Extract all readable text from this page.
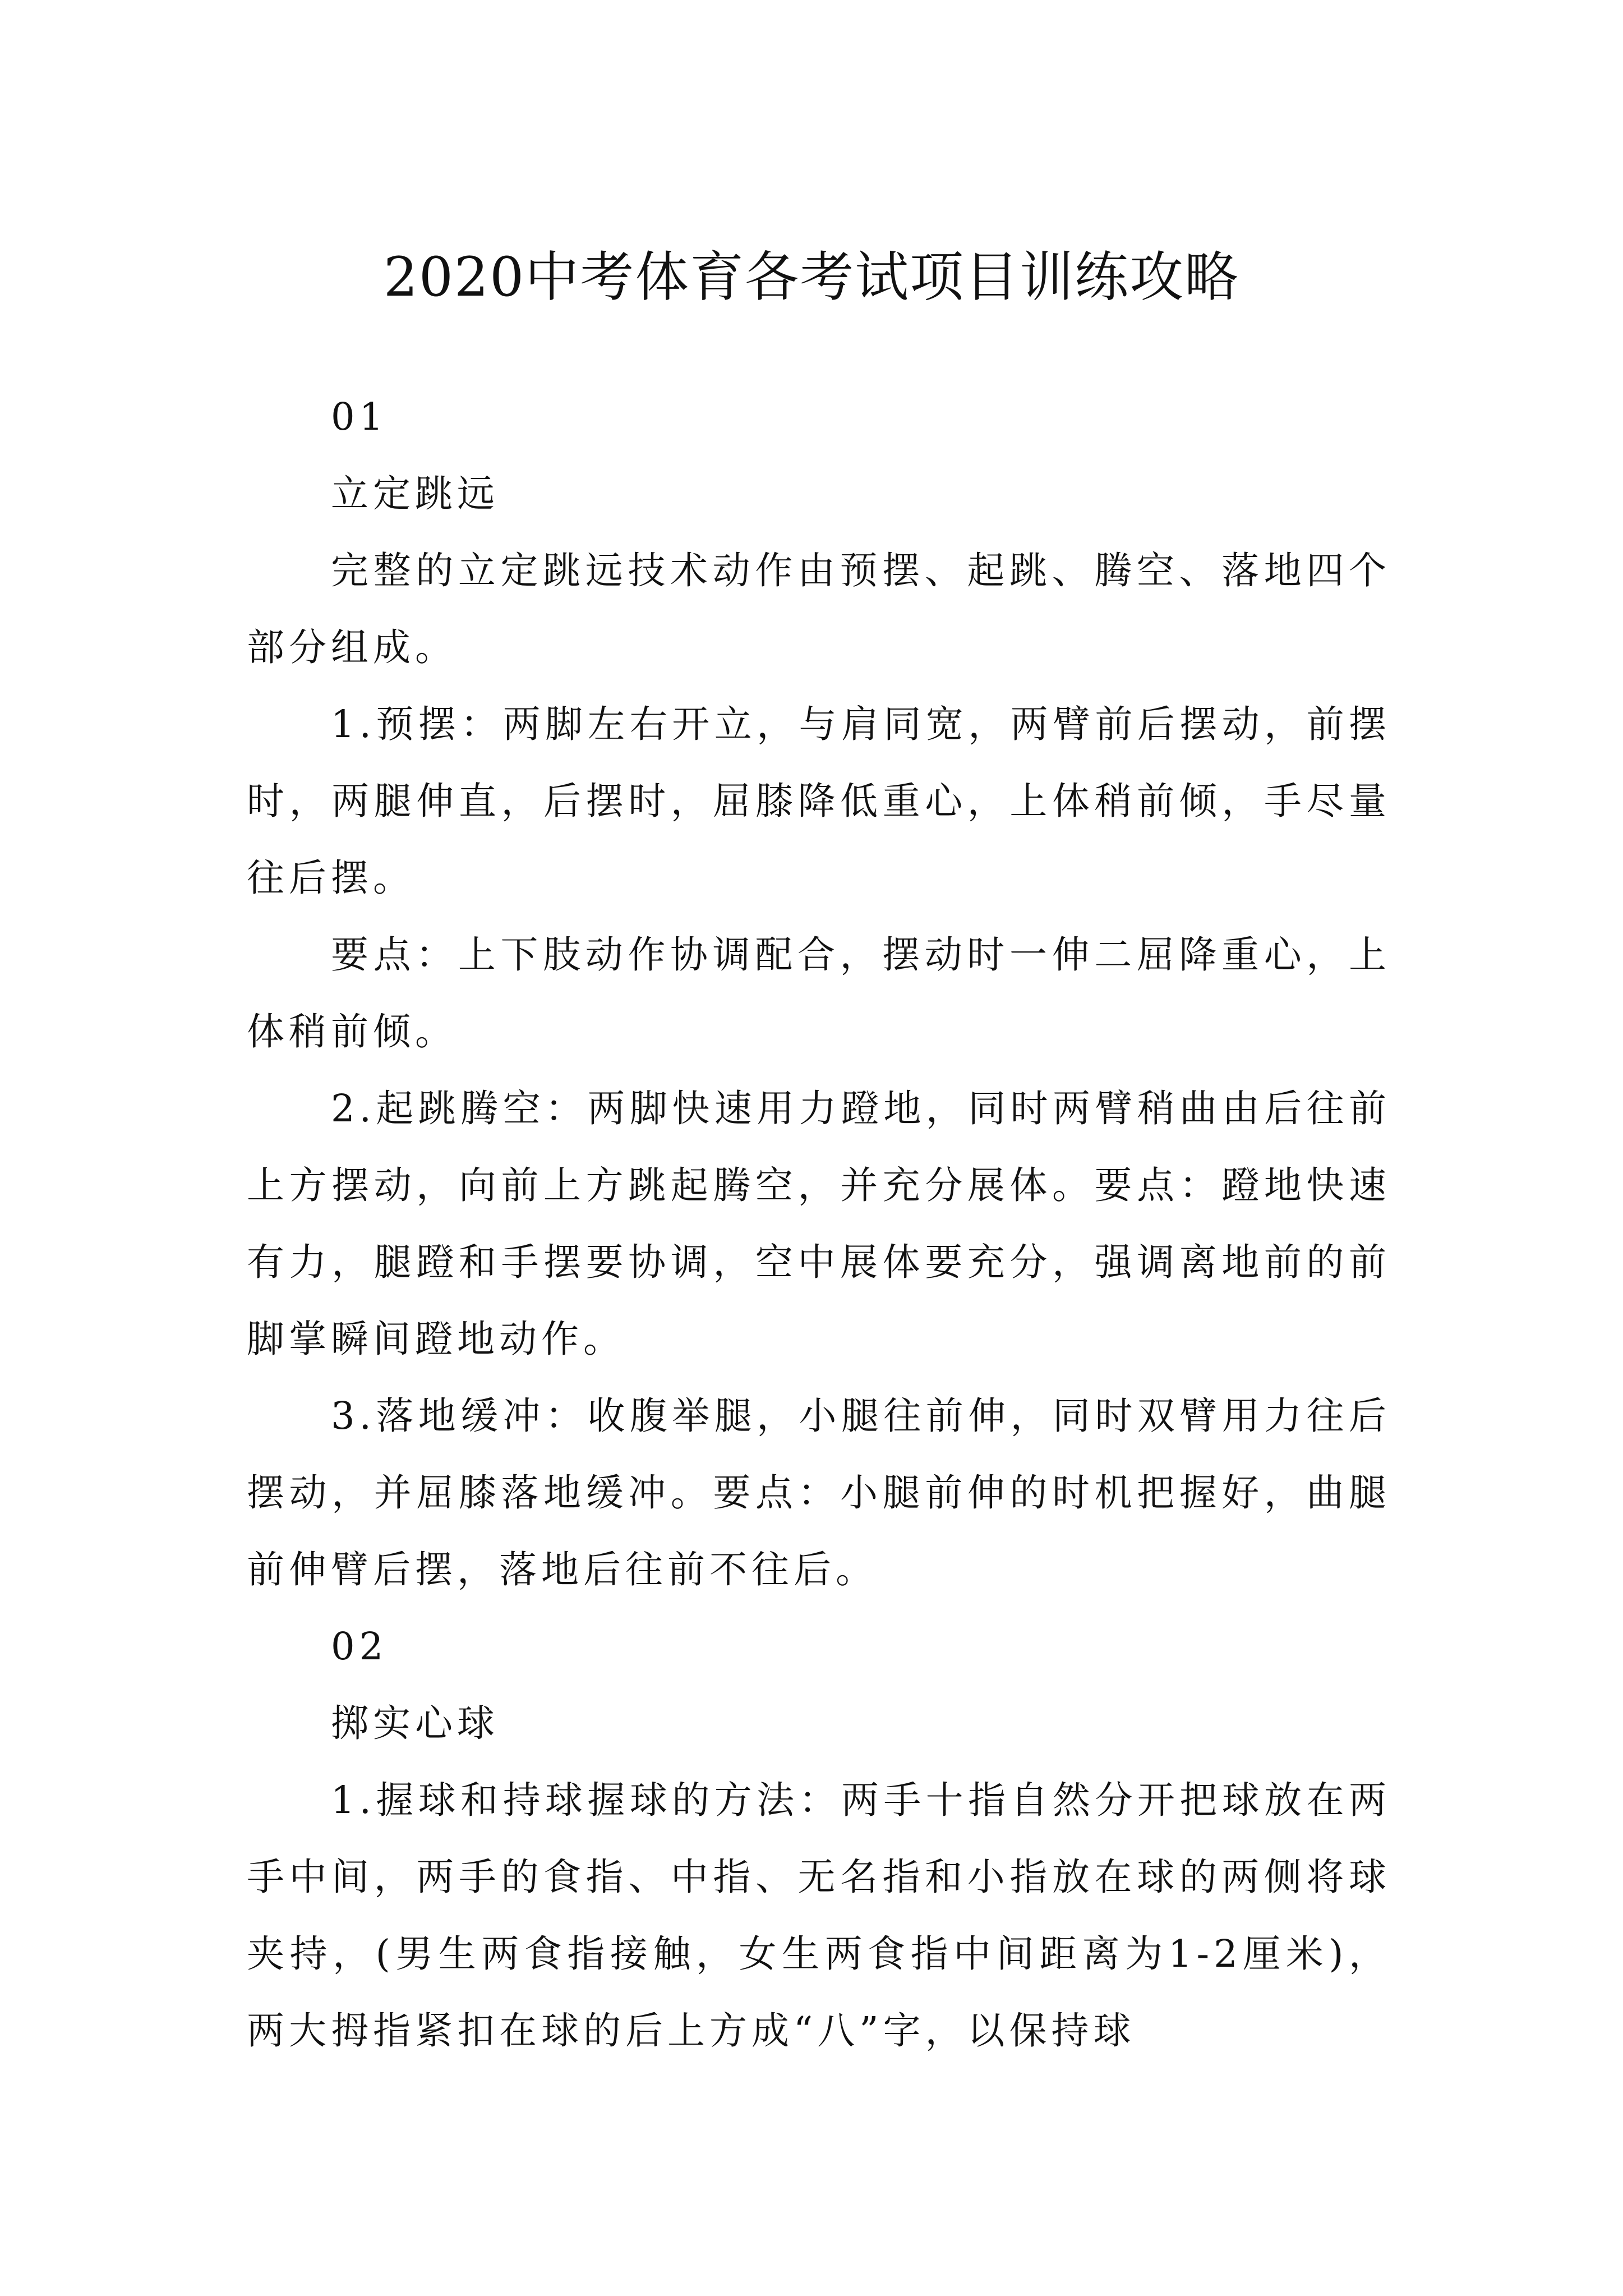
2020中考体育各考试项目训练攻略

01

立定跳远

完整的立定跳远技术动作由预摆、起跳、腾空、落地四个部分组成。

1.预摆：两脚左右开立，与肩同宽，两臂前后摆动，前摆时，两腿伸直，后摆时，屈膝降低重心，上体稍前倾，手尽量往后摆。

要点：上下肢动作协调配合，摆动时一伸二屈降重心，上体稍前倾。

2.起跳腾空：两脚快速用力蹬地，同时两臂稍曲由后往前上方摆动，向前上方跳起腾空，并充分展体。要点：蹬地快速有力，腿蹬和手摆要协调，空中展体要充分，强调离地前的前脚掌瞬间蹬地动作。

3.落地缓冲：收腹举腿，小腿往前伸，同时双臂用力往后摆动，并屈膝落地缓冲。要点：小腿前伸的时机把握好，曲腿前伸臂后摆，落地后往前不往后。

02

掷实心球

1.握球和持球握球的方法：两手十指自然分开把球放在两手中间，两手的食指、中指、无名指和小指放在球的两侧将球夹持，(男生两食指接触，女生两食指中间距离为1-2厘米)，两大拇指紧扣在球的后上方成“八”字，以保持球
